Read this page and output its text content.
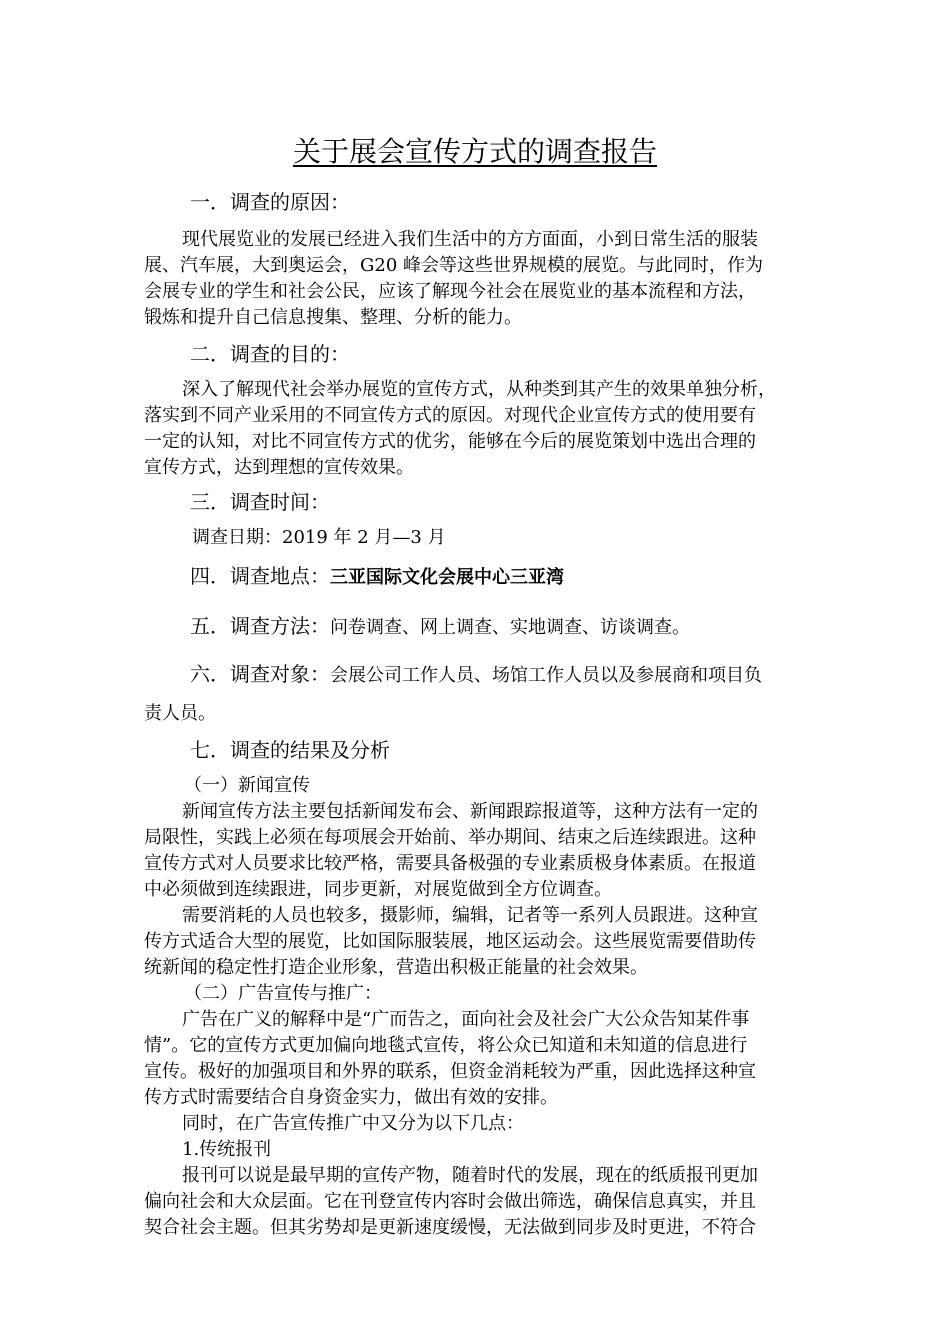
关于展会宣传方式的调查报告
一．调查的原因：
现代展览业的发展已经进入我们生活中的方方面面，小到日常生活的服装
展、汽车展，大到奥运会，G20 峰会等这些世界规模的展览。与此同时，作为
会展专业的学生和社会公民，应该了解现今社会在展览业的基本流程和方法，
锻炼和提升自己信息搜集、整理、分析的能力。
二．调查的目的：
深入了解现代社会举办展览的宣传方式，从种类到其产生的效果单独分析，
落实到不同产业采用的不同宣传方式的原因。对现代企业宣传方式的使用要有
一定的认知，对比不同宣传方式的优劣，能够在今后的展览策划中选出合理的
宣传方式，达到理想的宣传效果。
三．调查时间：
调查日期：2019 年 2 月—3 月
四．调查地点：三亚国际文化会展中心三亚湾
五．调查方法：问卷调查、网上调查、实地调查、访谈调查。
六．调查对象：会展公司工作人员、场馆工作人员以及参展商和项目负
责人员。
七．调查的结果及分析
（一）新闻宣传
新闻宣传方法主要包括新闻发布会、新闻跟踪报道等，这种方法有一定的
局限性，实践上必须在每项展会开始前、举办期间、结束之后连续跟进。这种
宣传方式对人员要求比较严格，需要具备极强的专业素质极身体素质。在报道
中必须做到连续跟进，同步更新，对展览做到全方位调查。
需要消耗的人员也较多，摄影师，编辑，记者等一系列人员跟进。这种宣
传方式适合大型的展览，比如国际服装展，地区运动会。这些展览需要借助传
统新闻的稳定性打造企业形象，营造出积极正能量的社会效果。
（二）广告宣传与推广：
广告在广义的解释中是“广而告之，面向社会及社会广大公众告知某件事
情”。它的宣传方式更加偏向地毯式宣传，将公众已知道和未知道的信息进行
宣传。极好的加强项目和外界的联系，但资金消耗较为严重，因此选择这种宣
传方式时需要结合自身资金实力，做出有效的安排。
同时，在广告宣传推广中又分为以下几点：
1.传统报刊
报刊可以说是最早期的宣传产物，随着时代的发展，现在的纸质报刊更加
偏向社会和大众层面。它在刊登宣传内容时会做出筛选，确保信息真实，并且
契合社会主题。但其劣势却是更新速度缓慢，无法做到同步及时更进，不符合
